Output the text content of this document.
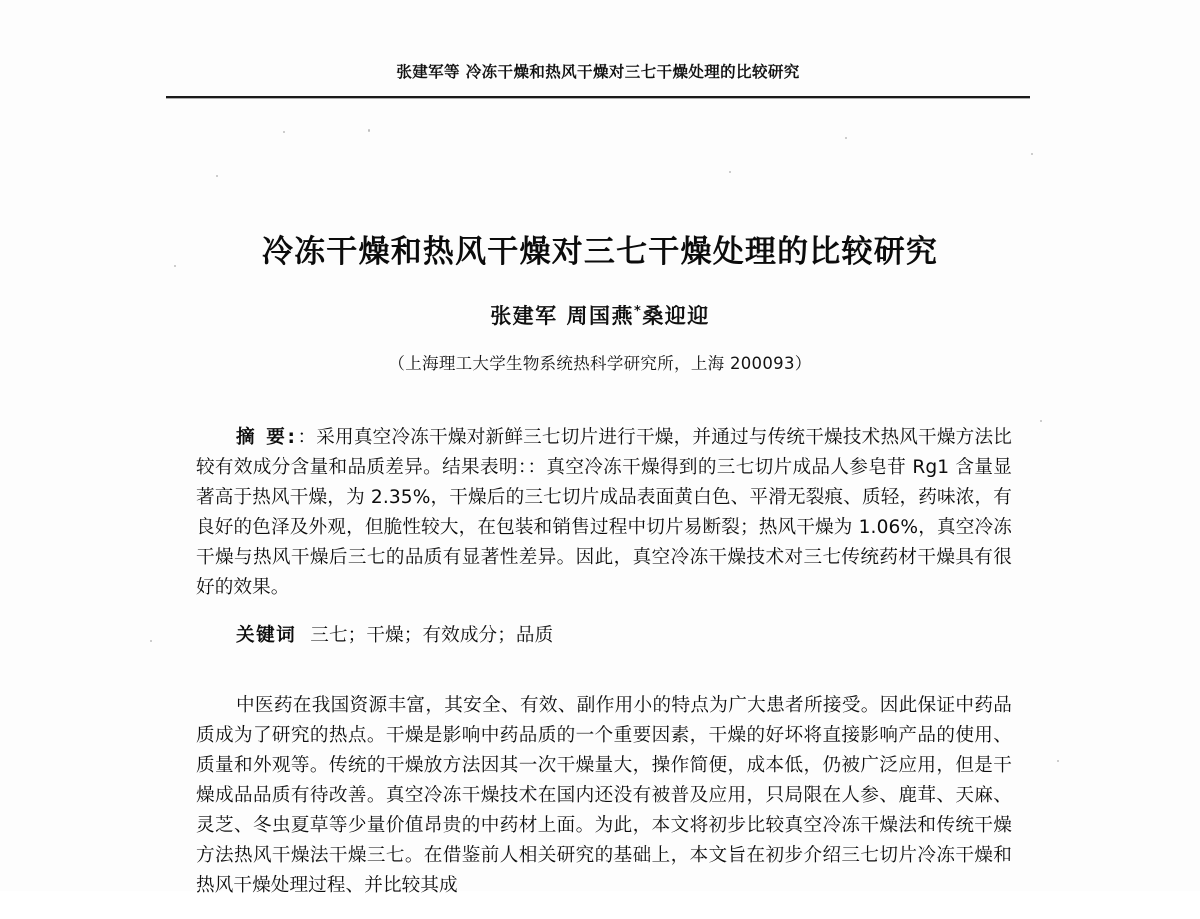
张建军等 冷冻干燥和热风干燥对三七干燥处理的比较研究
冷冻干燥和热风干燥对三七干燥处理的比较研究
张建军 周国燕*桑迎迎
（上海理工大学生物系统热科学研究所，上海 200093）

摘 要:：采用真空冷冻干燥对新鲜三七切片进行干燥，并通过与传统干燥技术热风干燥方法比较有效成分含量和品质差异。结果表明：：真空冷冻干燥得到的三七切片成品人参皂苷 Rg1 含量显著高于热风干燥，为 2.35%，干燥后的三七切片成品表面黄白色、平滑无裂痕、质轻，药味浓，有良好的色泽及外观，但脆性较大，在包装和销售过程中切片易断裂；热风干燥为 1.06%，真空冷冻干燥与热风干燥后三七的品质有显著性差异。因此，真空冷冻干燥技术对三七传统药材干燥具有很好的效果。

关键词 三七；干燥；有效成分；品质

中医药在我国资源丰富，其安全、有效、副作用小的特点为广大患者所接受。因此保证中药品质成为了研究的热点。干燥是影响中药品质的一个重要因素，干燥的好坏将直接影响产品的使用、质量和外观等。传统的干燥放方法因其一次干燥量大，操作简便，成本低，仍被广泛应用，但是干燥成品品质有待改善。真空冷冻干燥技术在国内还没有被普及应用，只局限在人参、鹿茸、天麻、灵芝、冬虫夏草等少量价值昂贵的中药材上面。为此，本文将初步比较真空冷冻干燥法和传统干燥方法热风干燥法干燥三七。在借鉴前人相关研究的基础上，本文旨在初步介绍三七切片冷冻干燥和热风干燥处理过程、并比较其成
